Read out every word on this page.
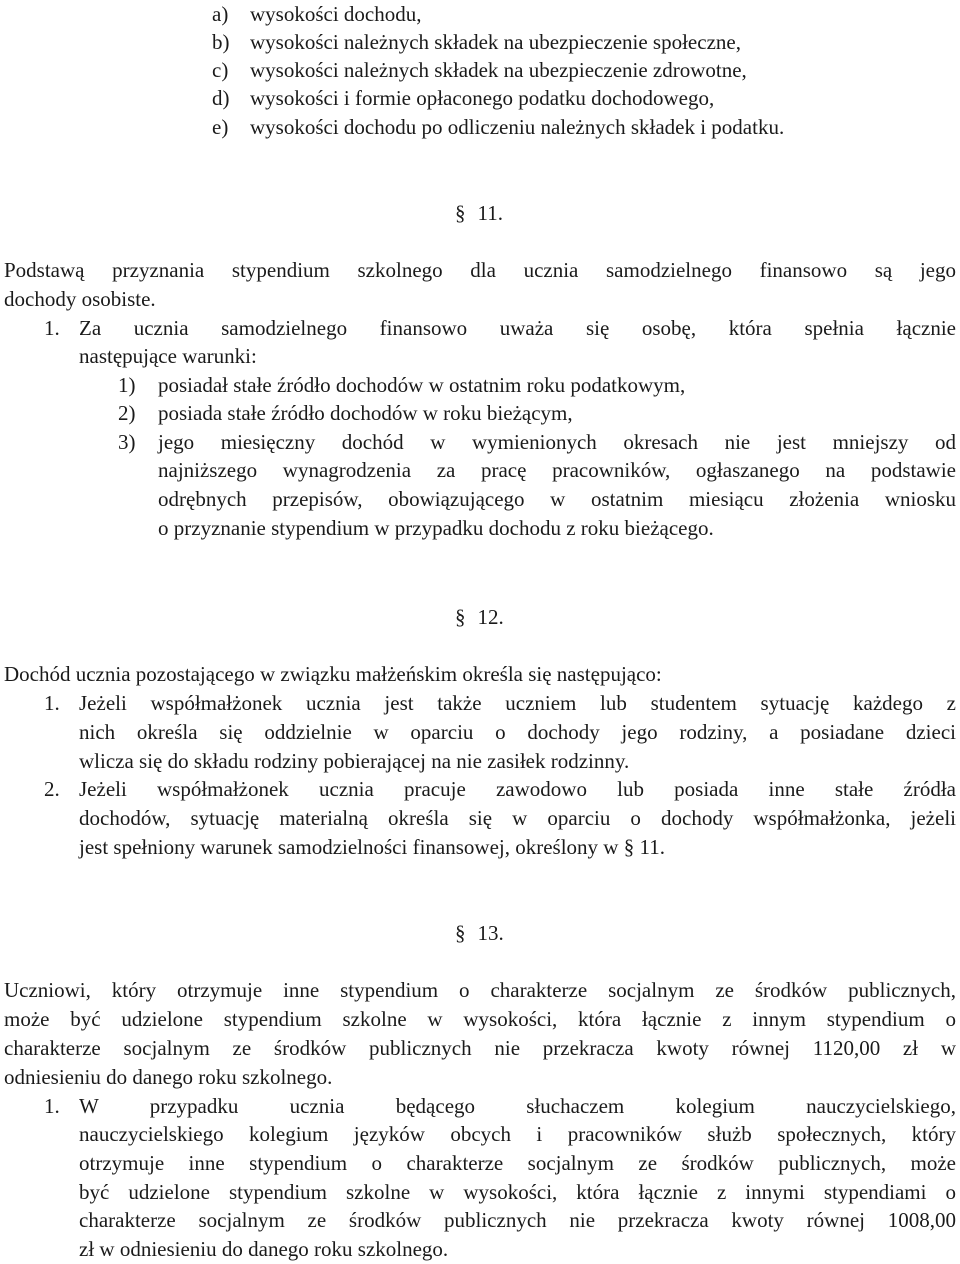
a) wysokości dochodu,
b) wysokości należnych składek na ubezpieczenie społeczne,
c) wysokości należnych składek na ubezpieczenie zdrowotne,
d) wysokości i formie opłaconego podatku dochodowego,
e) wysokości dochodu po odliczeniu należnych składek i podatku.
§ 11.
Podstawą przyznania stypendium szkolnego dla ucznia samodzielnego finansowo są jego
dochody osobiste.
1. Za ucznia samodzielnego finansowo uważa się osobę, która spełnia łącznie
następujące warunki:
1) posiadał stałe źródło dochodów w ostatnim roku podatkowym,
2) posiada stałe źródło dochodów w roku bieżącym,
3) jego miesięczny dochód w wymienionych okresach nie jest mniejszy od
najniższego wynagrodzenia za pracę pracowników, ogłaszanego na podstawie
odrębnych przepisów, obowiązującego w ostatnim miesiącu złożenia wniosku
o przyznanie stypendium w przypadku dochodu z roku bieżącego.
§ 12.
Dochód ucznia pozostającego w związku małżeńskim określa się następująco:
1. Jeżeli współmałżonek ucznia jest także uczniem lub studentem sytuację każdego z
nich określa się oddzielnie w oparciu o dochody jego rodziny, a posiadane dzieci
wlicza się do składu rodziny pobierającej na nie zasiłek rodzinny.
2. Jeżeli współmałżonek ucznia pracuje zawodowo lub posiada inne stałe źródła
dochodów, sytuację materialną określa się w oparciu o dochody współmałżonka, jeżeli
jest spełniony warunek samodzielności finansowej, określony w § 11.
§ 13.
Uczniowi, który otrzymuje inne stypendium o charakterze socjalnym ze środków publicznych,
może być udzielone stypendium szkolne w wysokości, która łącznie z innym stypendium o
charakterze socjalnym ze środków publicznych nie przekracza kwoty równej 1120,00 zł w
odniesieniu do danego roku szkolnego.
1. W przypadku ucznia będącego słuchaczem kolegium nauczycielskiego,
nauczycielskiego kolegium języków obcych i pracowników służb społecznych, który
otrzymuje inne stypendium o charakterze socjalnym ze środków publicznych, może
być udzielone stypendium szkolne w wysokości, która łącznie z innymi stypendiami o
charakterze socjalnym ze środków publicznych nie przekracza kwoty równej 1008,00
zł w odniesieniu do danego roku szkolnego.
